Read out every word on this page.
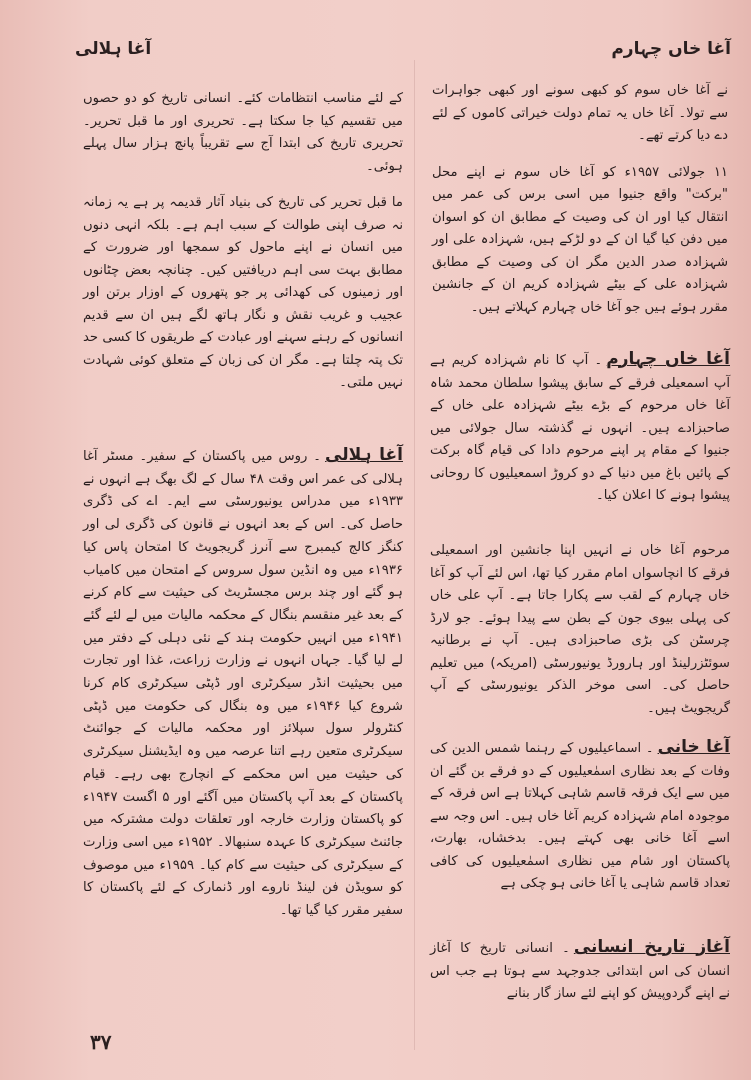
آغا خاں چہارم
آغا ہلالی

نے آغا خاں سوم کو کبھی سونے اور کبھی جواہرات سے تولا۔ آغا خاں یہ تمام دولت خیراتی کاموں کے لئے دے دیا کرتے تھے۔

۱۱ جولائی ۱۹۵۷ء کو آغا خاں سوم نے اپنے محل "برکت" واقع جنیوا میں اسی برس کی عمر میں انتقال کیا اور ان کی وصیت کے مطابق ان کو اسوان میں دفن کیا گیا ان کے دو لڑکے ہیں، شہزادہ علی اور شہزادہ صدر الدین مگر ان کی وصیت کے مطابق شہزادہ علی کے بیٹے شہزادہ کریم ان کے جانشین مقرر ہوئے ہیں جو آغا خاں چہارم کہلاتے ہیں۔

آغا خاں چہارم۔ آپ کا نام شہزادہ کریم ہے آپ اسمعیلی فرقے کے سابق پیشوا سلطان محمد شاہ آغا خاں مرحوم کے بڑے بیٹے شہزادہ علی خاں کے صاحبزادے ہیں۔ انہوں نے گذشتہ سال جولائی میں جنیوا کے مقام پر اپنے مرحوم دادا کی قیام گاہ برکت کے پائیں باغ میں دنیا کے دو کروڑ اسمعیلیوں کا روحانی پیشوا ہونے کا اعلان کیا۔
مرحوم آغا خاں نے انہیں اپنا جانشین اور اسمعیلی فرقے کا انچاسواں امام مقرر کیا تھا، اس لئے آپ کو آغا خاں چہارم کے لقب سے پکارا جاتا ہے۔ آپ علی خاں کی پہلی بیوی جون کے بطن سے پیدا ہوئے۔ جو لارڈ چرسٹن کی بڑی صاحبزادی ہیں۔ آپ نے برطانیہ سوئٹزرلینڈ اور ہارورڈ یونیورسٹی (امریکہ) میں تعلیم حاصل کی۔ اسی موخر الذکر یونیورسٹی کے آپ گریجویٹ ہیں۔
آغا خانی۔ اسماعیلیوں کے رہنما شمس الدین کی وفات کے بعد نظاری اسمٰعیلیوں کے دو فرقے بن گئے ان میں سے ایک فرقہ قاسم شاہی کہلاتا ہے اس فرقہ کے موجودہ امام شہزادہ کریم آغا خاں ہیں۔ اس وجہ سے اسے آغا خانی بھی کہتے ہیں۔ بدخشاں، بھارت، پاکستان اور شام میں نظاری اسمٰعیلیوں کی کافی تعداد قاسم شاہی یا آغا خانی ہو چکی ہے
آغاز تاریخ انسانی۔ انسانی تاریخ کا آغاز انسان کی اس ابتدائی جدوجہد سے ہوتا ہے جب اس نے اپنے گردوپیش کو اپنے لئے ساز گار بنانے

کے لئے مناسب انتظامات کئے۔ انسانی تاریخ کو دو حصوں میں تقسیم کیا جا سکتا ہے۔ تحریری اور ما قبل تحریر۔ تحریری تاریخ کی ابتدا آج سے تقریباً پانچ ہزار سال پہلے ہوئی۔

ما قبل تحریر کی تاریخ کی بنیاد آثار قدیمہ پر ہے یہ زمانہ نہ صرف اپنی طوالت کے سبب اہم ہے۔ بلکہ انہی دنوں میں انسان نے اپنے ماحول کو سمجھا اور ضرورت کے مطابق بہت سی اہم دریافتیں کیں۔ چنانچہ بعض چٹانوں اور زمینوں کی کھدائی پر جو پتھروں کے اوزار برتن اور عجیب و غریب نقش و نگار ہاتھ لگے ہیں ان سے قدیم انسانوں کے رہنے سہنے اور عبادت کے طریقوں کا کسی حد تک پتہ چلتا ہے۔ مگر ان کی زبان کے متعلق کوئی شہادت نہیں ملتی۔

آغا ہلالی۔ روس میں پاکستان کے سفیر۔ مسٹر آغا ہلالی کی عمر اس وقت ۴۸ سال کے لگ بھگ ہے انہوں نے ۱۹۳۳ء میں مدراس یونیورسٹی سے ایم۔ اے کی ڈگری حاصل کی۔ اس کے بعد انہوں نے قانون کی ڈگری لی اور کنگز کالج کیمبرج سے آنرز گریجویٹ کا امتحان پاس کیا ۱۹۳۶ء میں وہ انڈین سول سروس کے امتحان میں کامیاب ہو گئے اور چند برس مجسٹریٹ کی حیثیت سے کام کرنے کے بعد غیر منقسم بنگال کے محکمہ مالیات میں لے لئے گئے ۱۹۴۱ء میں انہیں حکومت ہند کے نئی دہلی کے دفتر میں لے لیا گیا۔ جہاں انہوں نے وزارت زراعت، غذا اور تجارت میں بحیثیت انڈر سیکرٹری اور ڈپٹی سیکرٹری کام کرنا شروع کیا ۱۹۴۶ء میں وہ بنگال کی حکومت میں ڈپٹی کنٹرولر سول سپلائز اور محکمہ مالیات کے جوائنٹ سیکرٹری متعین رہے اتنا عرصہ میں وہ ایڈیشنل سیکرٹری کی حیثیت میں اس محکمے کے انچارج بھی رہے۔ قیام پاکستان کے بعد آپ پاکستان میں آگئے اور ۵ اگست ۱۹۴۷ء کو پاکستان وزارت خارجہ اور تعلقات دولت مشترکہ میں جائنٹ سیکرٹری کا عہدہ سنبھالا۔ ۱۹۵۲ء میں اسی وزارت کے سیکرٹری کی حیثیت سے کام کیا۔ ۱۹۵۹ء میں موصوف کو سویڈن فن لینڈ ناروے اور ڈنمارک کے لئے پاکستان کا سفیر مقرر کیا گیا تھا۔
۳۷
